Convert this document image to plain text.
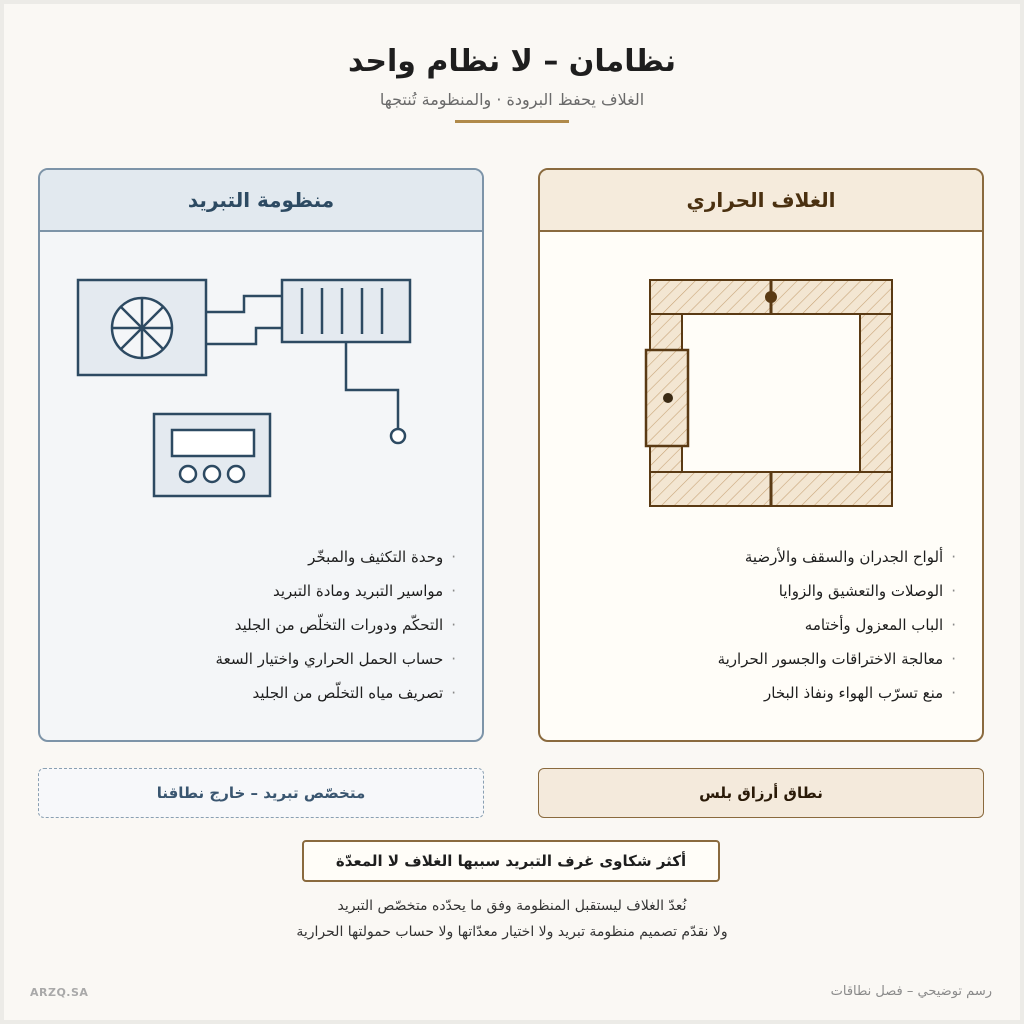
نظامان – لا نظام واحد
الغلاف يحفظ البرودة · والمنظومة تُنتجها
منظومة التبريد
· وحدة التكثيف والمبخّر
· مواسير التبريد ومادة التبريد
· التحكّم ودورات التخلّص من الجليد
· حساب الحمل الحراري واختيار السعة
· تصريف مياه التخلّص من الجليد
الغلاف الحراري
· ألواح الجدران والسقف والأرضية
· الوصلات والتعشيق والزوايا
· الباب المعزول وأختامه
· معالجة الاختراقات والجسور الحرارية
· منع تسرّب الهواء ونفاذ البخار
متخصّص تبريد – خارج نطاقنا	نطاق أرزاق بلس
أكثر شكاوى غرف التبريد سببها الغلاف لا المعدّة
نُعدّ الغلاف ليستقبل المنظومة وفق ما يحدّده متخصّص التبريد
ولا نقدّم تصميم منظومة تبريد ولا اختيار معدّاتها ولا حساب حمولتها الحرارية
ARZQ.SA	رسم توضيحي – فصل نطاقات
